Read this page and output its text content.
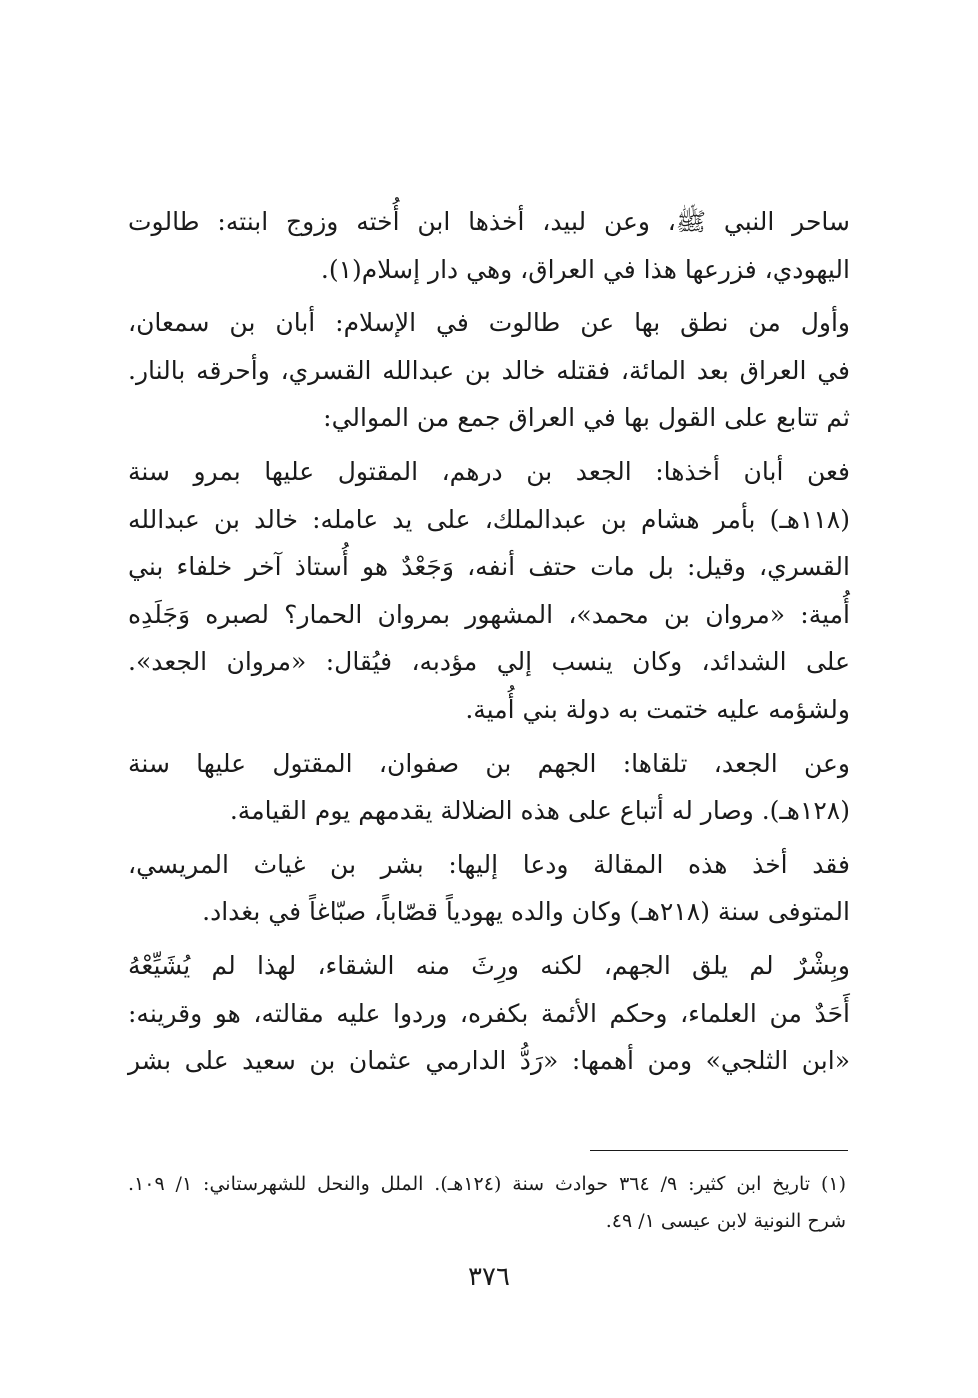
ساحر النبي ﷺ، وعن لبيد، أخذها ابن أُخته وزوج ابنته: طالوت
اليهودي، فزرعها هذا في العراق، وهي دار إسلام(١).
وأول من نطق بها عن طالوت في الإسلام: أبان بن سمعان،
في العراق بعد المائة، فقتله خالد بن عبدالله القسري، وأحرقه بالنار.
ثم تتابع على القول بها في العراق جمع من الموالي:
فعن أبان أخذها: الجعد بن درهم، المقتول عليها بمرو سنة
(١١٨هـ) بأمر هشام بن عبدالملك، على يد عامله: خالد بن عبدالله
القسري، وقيل: بل مات حتف أنفه، وَجَعْدٌ هو أُستاذ آخر خلفاء بني
أُمية: «مروان بن محمد»، المشهور بمروان الحمار؟ لصبره وَجَلَدِه
على الشدائد، وكان ينسب إلي مؤدبه، فيُقال: «مروان الجعد».
ولشؤمه عليه ختمت به دولة بني أُمية.
وعن الجعد، تلقاها: الجهم بن صفوان، المقتول عليها سنة
(١٢٨هـ). وصار له أتباع على هذه الضلالة يقدمهم يوم القيامة.
فقد أخذ هذه المقالة ودعا إليها: بشر بن غياث المريسي،
المتوفى سنة (٢١٨هـ) وكان والده يهودياً قصّاباً، صبّاغاً في بغداد.
وبِشْرٌ لم يلق الجهم، لكنه ورِثَ منه الشقاء، لهذا لم يُشَيِّعْهُ
أَحَدٌ من العلماء، وحكم الأئمة بكفره، وردوا عليه مقالته، هو وقرينه:
«ابن الثلجي» ومن أهمها: «رَدُّ الدارمي عثمان بن سعيد على بشر
(١) تاريخ ابن كثير: ٩/ ٣٦٤ حوادث سنة (١٢٤هـ). الملل والنحل للشهرستاني: ١/ ١٠٩.
شرح النونية لابن عيسى ١/ ٤٩.
٣٧٦
